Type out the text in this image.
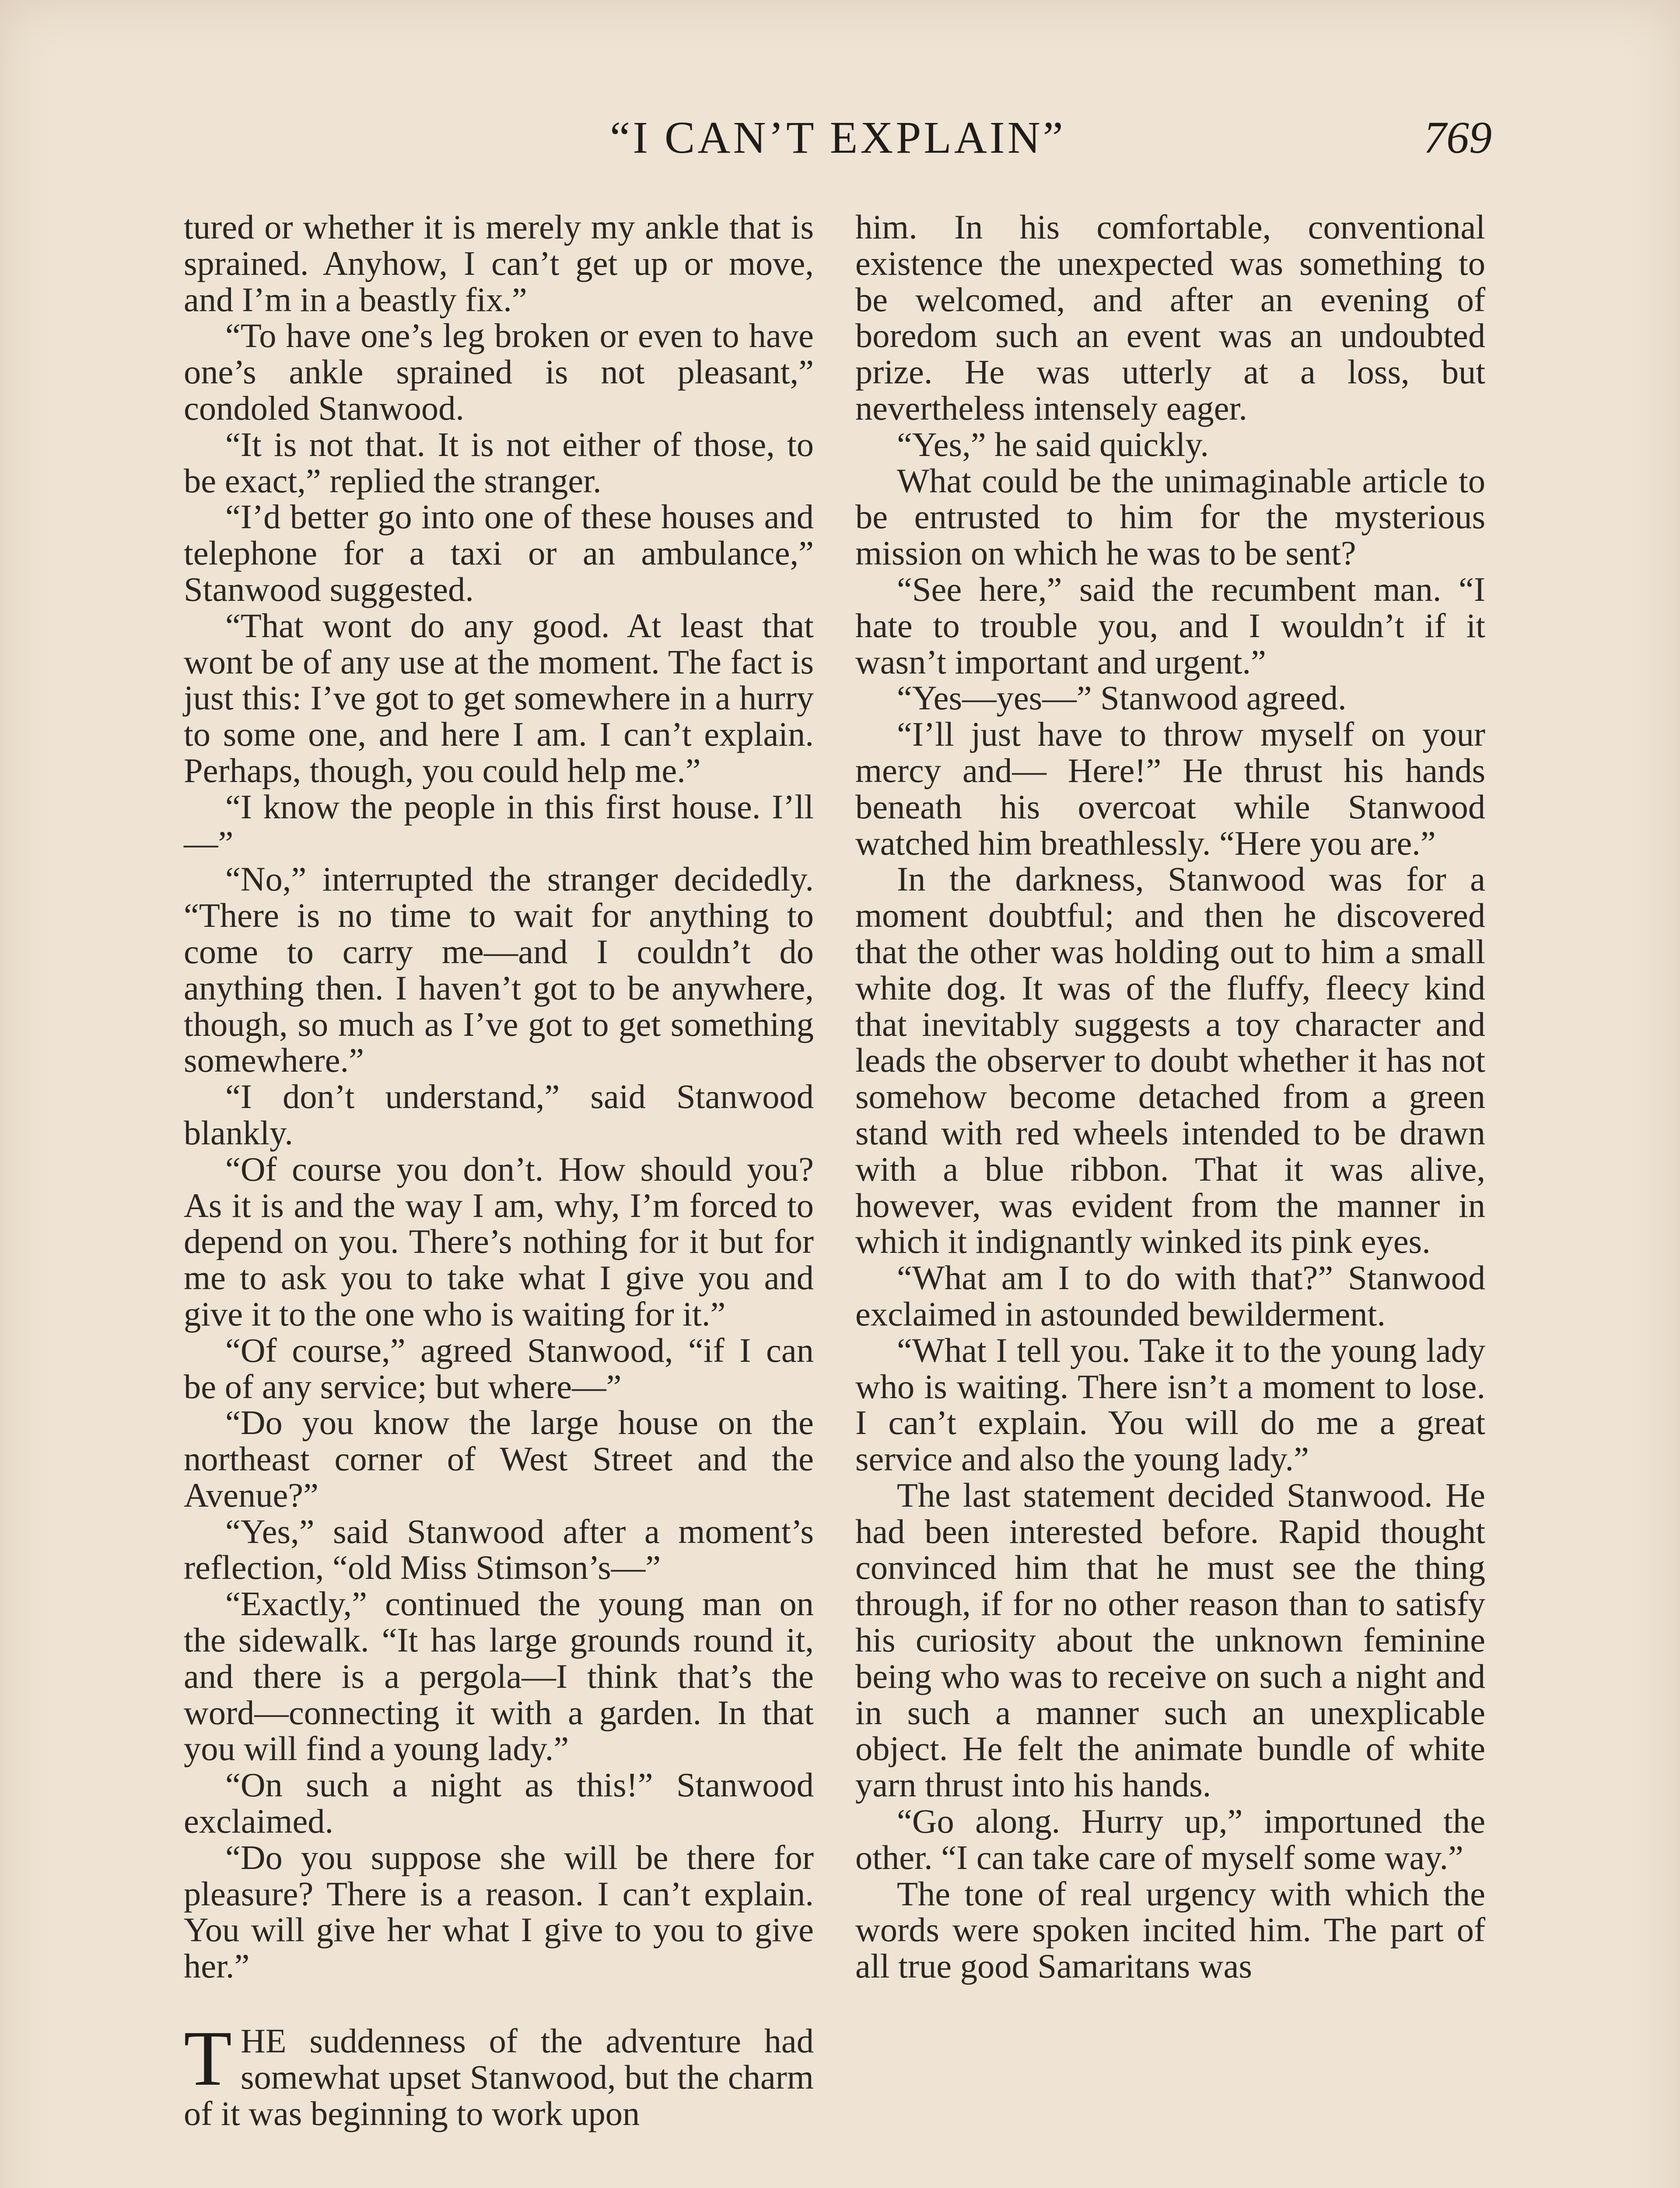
“I CAN’T EXPLAIN”	769

tured or whether it is merely my ankle that is sprained. Anyhow, I can’t get up or move, and I’m in a beastly fix.”

“To have one’s leg broken or even to have one’s ankle sprained is not pleasant,” condoled Stanwood.

“It is not that. It is not either of those, to be exact,” replied the stranger.

“I’d better go into one of these houses and telephone for a taxi or an ambulance,” Stanwood suggested.

“That wont do any good. At least that wont be of any use at the moment. The fact is just this: I’ve got to get somewhere in a hurry to some one, and here I am. I can’t explain. Perhaps, though, you could help me.”

“I know the people in this first house. I’ll—”

“No,” interrupted the stranger decidedly. “There is no time to wait for anything to come to carry me—and I couldn’t do anything then. I haven’t got to be anywhere, though, so much as I’ve got to get something somewhere.”

“I don’t understand,” said Stanwood blankly.

“Of course you don’t. How should you? As it is and the way I am, why, I’m forced to depend on you. There’s nothing for it but for me to ask you to take what I give you and give it to the one who is waiting for it.”

“Of course,” agreed Stanwood, “if I can be of any service; but where—”

“Do you know the large house on the northeast corner of West Street and the Avenue?”

“Yes,” said Stanwood after a moment’s reflection, “old Miss Stimson’s—”

“Exactly,” continued the young man on the sidewalk. “It has large grounds round it, and there is a pergola—I think that’s the word—connecting it with a garden. In that you will find a young lady.”

“On such a night as this!” Stanwood exclaimed.

“Do you suppose she will be there for pleasure? There is a reason. I can’t explain. You will give her what I give to you to give her.”

THE suddenness of the adventure had somewhat upset Stanwood, but the charm of it was beginning to work upon

him. In his comfortable, conventional existence the unexpected was something to be welcomed, and after an evening of boredom such an event was an undoubted prize. He was utterly at a loss, but nevertheless intensely eager.

“Yes,” he said quickly.

What could be the unimaginable article to be entrusted to him for the mysterious mission on which he was to be sent?

“See here,” said the recumbent man. “I hate to trouble you, and I wouldn’t if it wasn’t important and urgent.”

“Yes—yes—” Stanwood agreed.

“I’ll just have to throw myself on your mercy and— Here!” He thrust his hands beneath his overcoat while Stanwood watched him breathlessly. “Here you are.”

In the darkness, Stanwood was for a moment doubtful; and then he discovered that the other was holding out to him a small white dog. It was of the fluffy, fleecy kind that inevitably suggests a toy character and leads the observer to doubt whether it has not somehow become detached from a green stand with red wheels intended to be drawn with a blue ribbon. That it was alive, however, was evident from the manner in which it indignantly winked its pink eyes.

“What am I to do with that?” Stanwood exclaimed in astounded bewilderment.

“What I tell you. Take it to the young lady who is waiting. There isn’t a moment to lose. I can’t explain. You will do me a great service and also the young lady.”

The last statement decided Stanwood. He had been interested before. Rapid thought convinced him that he must see the thing through, if for no other reason than to satisfy his curiosity about the unknown feminine being who was to receive on such a night and in such a manner such an unexplicable object. He felt the animate bundle of white yarn thrust into his hands.

“Go along. Hurry up,” importuned the other. “I can take care of myself some way.”

The tone of real urgency with which the words were spoken incited him. The part of all true good Samaritans was
